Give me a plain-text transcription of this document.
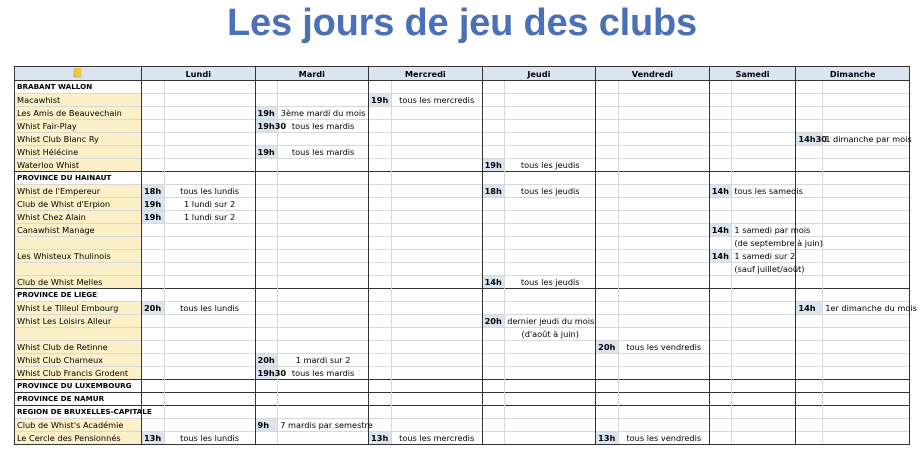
Les jours de jeu des clubs
📒	Lundi		Mardi		Mercredi		Jeudi		Vendredi		Samedi		Dimanche	
BRABANT WALLON														
Macawhist					19h	tous les mercredis								
Les Amis de Beauvechain			19h	3ème mardi du mois										
Whist Fair-Play			19h30	tous les mardis										
Whist Club Blanc Ry													14h30	1 dimanche par mois
Whist Hélécine			19h	tous les mardis										
Waterloo Whist							19h	tous les jeudis						
PROVINCE DU HAINAUT														
Whist de l'Empereur	18h	tous les lundis					18h	tous les jeudis			14h	tous les samedis		
Club de Whist d'Erpion	19h	1 lundi sur 2												
Whist Chez Alain	19h	1 lundi sur 2												
Canawhist Manage											14h	1 samedi par mois		
												(de septembre à juin)		
Les Whisteux Thulinois											14h	1 samedi sur 2		
												(sauf juillet/août)		
Club de Whist Melles							14h	tous les jeudis						
PROVINCE DE LIEGE														
Whist Le Tilleul Embourg	20h	tous les lundis											14h	1er dimanche du mois
Whist Les Loisirs Alleur							20h	dernier jeudi du mois						
								(d'août à juin)						
Whist Club de Retinne									20h	tous les vendredis				
Whist Club Charneux			20h	1 mardi sur 2										
Whist Club Francis Grodent			19h30	tous les mardis										
PROVINCE DU LUXEMBOURG														
PROVINCE DE NAMUR														
REGION DE BRUXELLES-CAPITALE														
Club de Whist's Académie			9h	7 mardis par semestre										
Le Cercle des Pensionnés	13h	tous les lundis			13h	tous les mercredis			13h	tous les vendredis				
